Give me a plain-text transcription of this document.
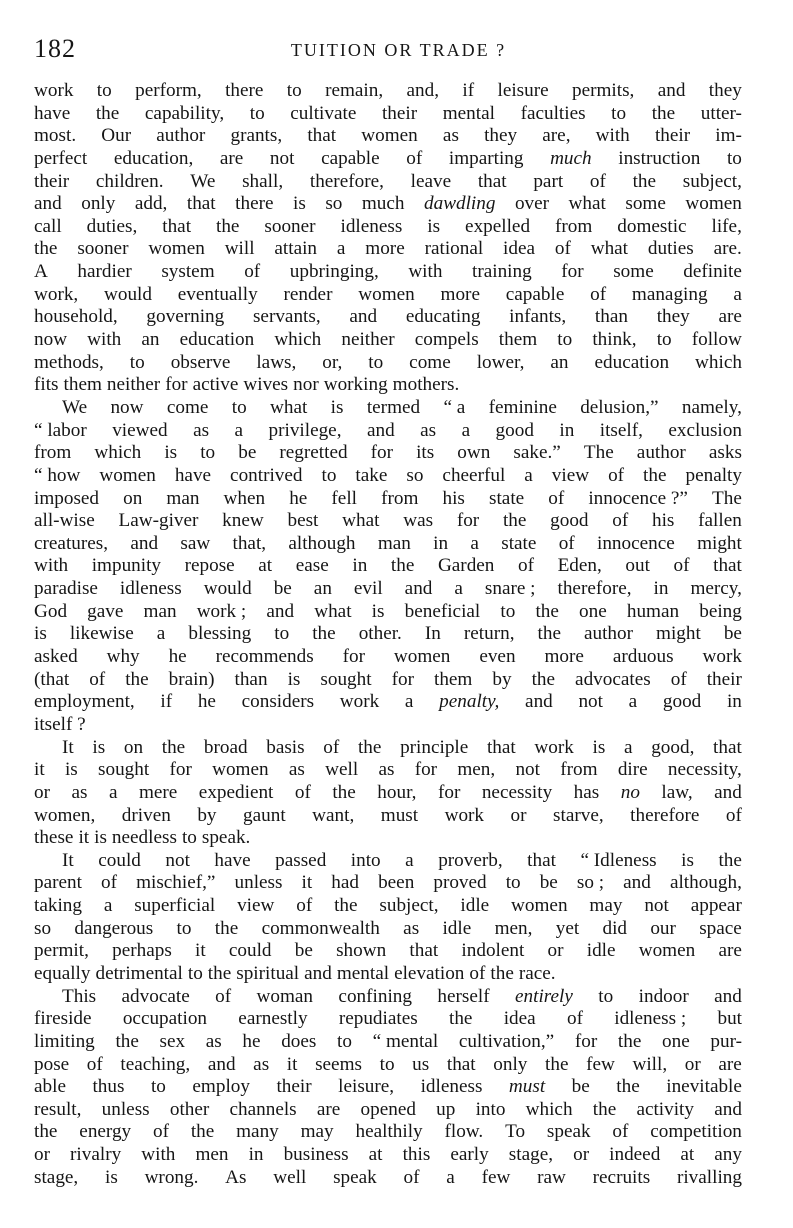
182	TUITION OR TRADE ?
work to perform, there to remain, and, if leisure permits, and they
have the capability, to cultivate their mental faculties to the utter-
most. Our author grants, that women as they are, with their im-
perfect education, are not capable of imparting much instruction to
their children. We shall, therefore, leave that part of the subject,
and only add, that there is so much dawdling over what some women
call duties, that the sooner idleness is expelled from domestic life,
the sooner women will attain a more rational idea of what duties are.
A hardier system of upbringing, with training for some definite
work, would eventually render women more capable of managing a
household, governing servants, and educating infants, than they are
now with an education which neither compels them to think, to follow
methods, to observe laws, or, to come lower, an education which
fits them neither for active wives nor working mothers.
We now come to what is termed “ a feminine delusion,” namely,
“ labor viewed as a privilege, and as a good in itself, exclusion
from which is to be regretted for its own sake.” The author asks
“ how women have contrived to take so cheerful a view of the penalty
imposed on man when he fell from his state of innocence ?” The
all-wise Law-giver knew best what was for the good of his fallen
creatures, and saw that, although man in a state of innocence might
with impunity repose at ease in the Garden of Eden, out of that
paradise idleness would be an evil and a snare ; therefore, in mercy,
God gave man work ; and what is beneficial to the one human being
is likewise a blessing to the other. In return, the author might be
asked why he recommends for women even more arduous work
(that of the brain) than is sought for them by the advocates of their
employment, if he considers work a penalty, and not a good in
itself ?
It is on the broad basis of the principle that work is a good, that
it is sought for women as well as for men, not from dire necessity,
or as a mere expedient of the hour, for necessity has no law, and
women, driven by gaunt want, must work or starve, therefore of
these it is needless to speak.
It could not have passed into a proverb, that “ Idleness is the
parent of mischief,” unless it had been proved to be so ; and although,
taking a superficial view of the subject, idle women may not appear
so dangerous to the commonwealth as idle men, yet did our space
permit, perhaps it could be shown that indolent or idle women are
equally detrimental to the spiritual and mental elevation of the race.
This advocate of woman confining herself entirely to indoor and
fireside occupation earnestly repudiates the idea of idleness ; but
limiting the sex as he does to “ mental cultivation,” for the one pur-
pose of teaching, and as it seems to us that only the few will, or are
able thus to employ their leisure, idleness must be the inevitable
result, unless other channels are opened up into which the activity and
the energy of the many may healthily flow. To speak of competition
or rivalry with men in business at this early stage, or indeed at any
stage, is wrong. As well speak of a few raw recruits rivalling
